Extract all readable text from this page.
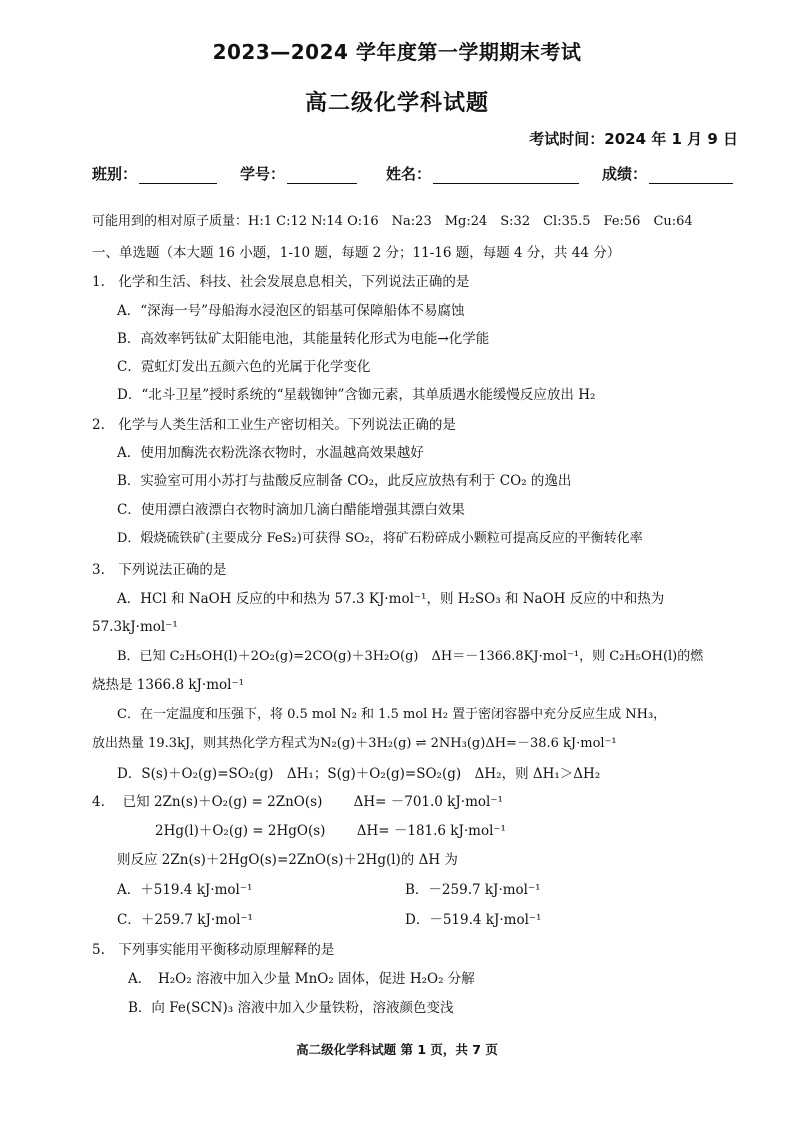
2023—2024 学年度第一学期期末考试
高二级化学科试题
考试时间：2024 年 1 月 9 日
班别：	学号：	姓名：	成绩：
可能用到的相对原子质量：H:1 C:12 N:14 O:16　Na:23　Mg:24　S:32　Cl:35.5　Fe:56　Cu:64
一、单选题（本大题 16 小题，1-10 题，每题 2 分；11-16 题，每题 4 分，共 44 分）
1.　化学和生活、科技、社会发展息息相关，下列说法正确的是
A．“深海一号”母船海水浸泡区的铝基可保障船体不易腐蚀
B．高效率钙钛矿太阳能电池，其能量转化形式为电能→化学能
C．霓虹灯发出五颜六色的光属于化学变化
D．“北斗卫星”授时系统的“星载铷钟”含铷元素，其单质遇水能缓慢反应放出 H₂
2.　化学与人类生活和工业生产密切相关。下列说法正确的是
A．使用加酶洗衣粉洗涤衣物时，水温越高效果越好
B．实验室可用小苏打与盐酸反应制备 CO₂，此反应放热有利于 CO₂ 的逸出
C．使用漂白液漂白衣物时滴加几滴白醋能增强其漂白效果
D．煅烧硫铁矿(主要成分 FeS₂)可获得 SO₂，将矿石粉碎成小颗粒可提高反应的平衡转化率
3.　下列说法正确的是
A．HCl 和 NaOH 反应的中和热为 57.3 KJ·mol⁻¹，则 H₂SO₃ 和 NaOH 反应的中和热为
57.3kJ·mol⁻¹
B．已知 C₂H₅OH(l)＋2O₂(g)=2CO(g)＋3H₂O(g)　ΔH＝－1366.8KJ·mol⁻¹，则 C₂H₅OH(l)的燃
烧热是 1366.8 kJ·mol⁻¹
C．在一定温度和压强下，将 0.5 mol N₂ 和 1.5 mol H₂ 置于密闭容器中充分反应生成 NH₃，
放出热量 19.3kJ，则其热化学方程式为N₂(g)＋3H₂(g) ⇌ 2NH₃(g)ΔH=－38.6 kJ·mol⁻¹
D．S(s)＋O₂(g)=SO₂(g)　ΔH₁；S(g)＋O₂(g)=SO₂(g)　ΔH₂，则 ΔH₁＞ΔH₂
4.　 已知 2Zn(s)＋O₂(g) = 2ZnO(s)　　 ΔH= －701.0 kJ·mol⁻¹
2Hg(l)＋O₂(g) = 2HgO(s)　　 ΔH= －181.6 kJ·mol⁻¹
则反应 2Zn(s)＋2HgO(s)=2ZnO(s)＋2Hg(l)的 ΔH 为
A．＋519.4 kJ·mol⁻¹	B．－259.7 kJ·mol⁻¹
C．＋259.7 kJ·mol⁻¹	D．－519.4 kJ·mol⁻¹
5.　下列事实能用平衡移动原理解释的是
A．　H₂O₂ 溶液中加入少量 MnO₂ 固体，促进 H₂O₂ 分解
B．向 Fe(SCN)₃ 溶液中加入少量铁粉，溶液颜色变浅
高二级化学科试题 第 1 页，共 7 页
